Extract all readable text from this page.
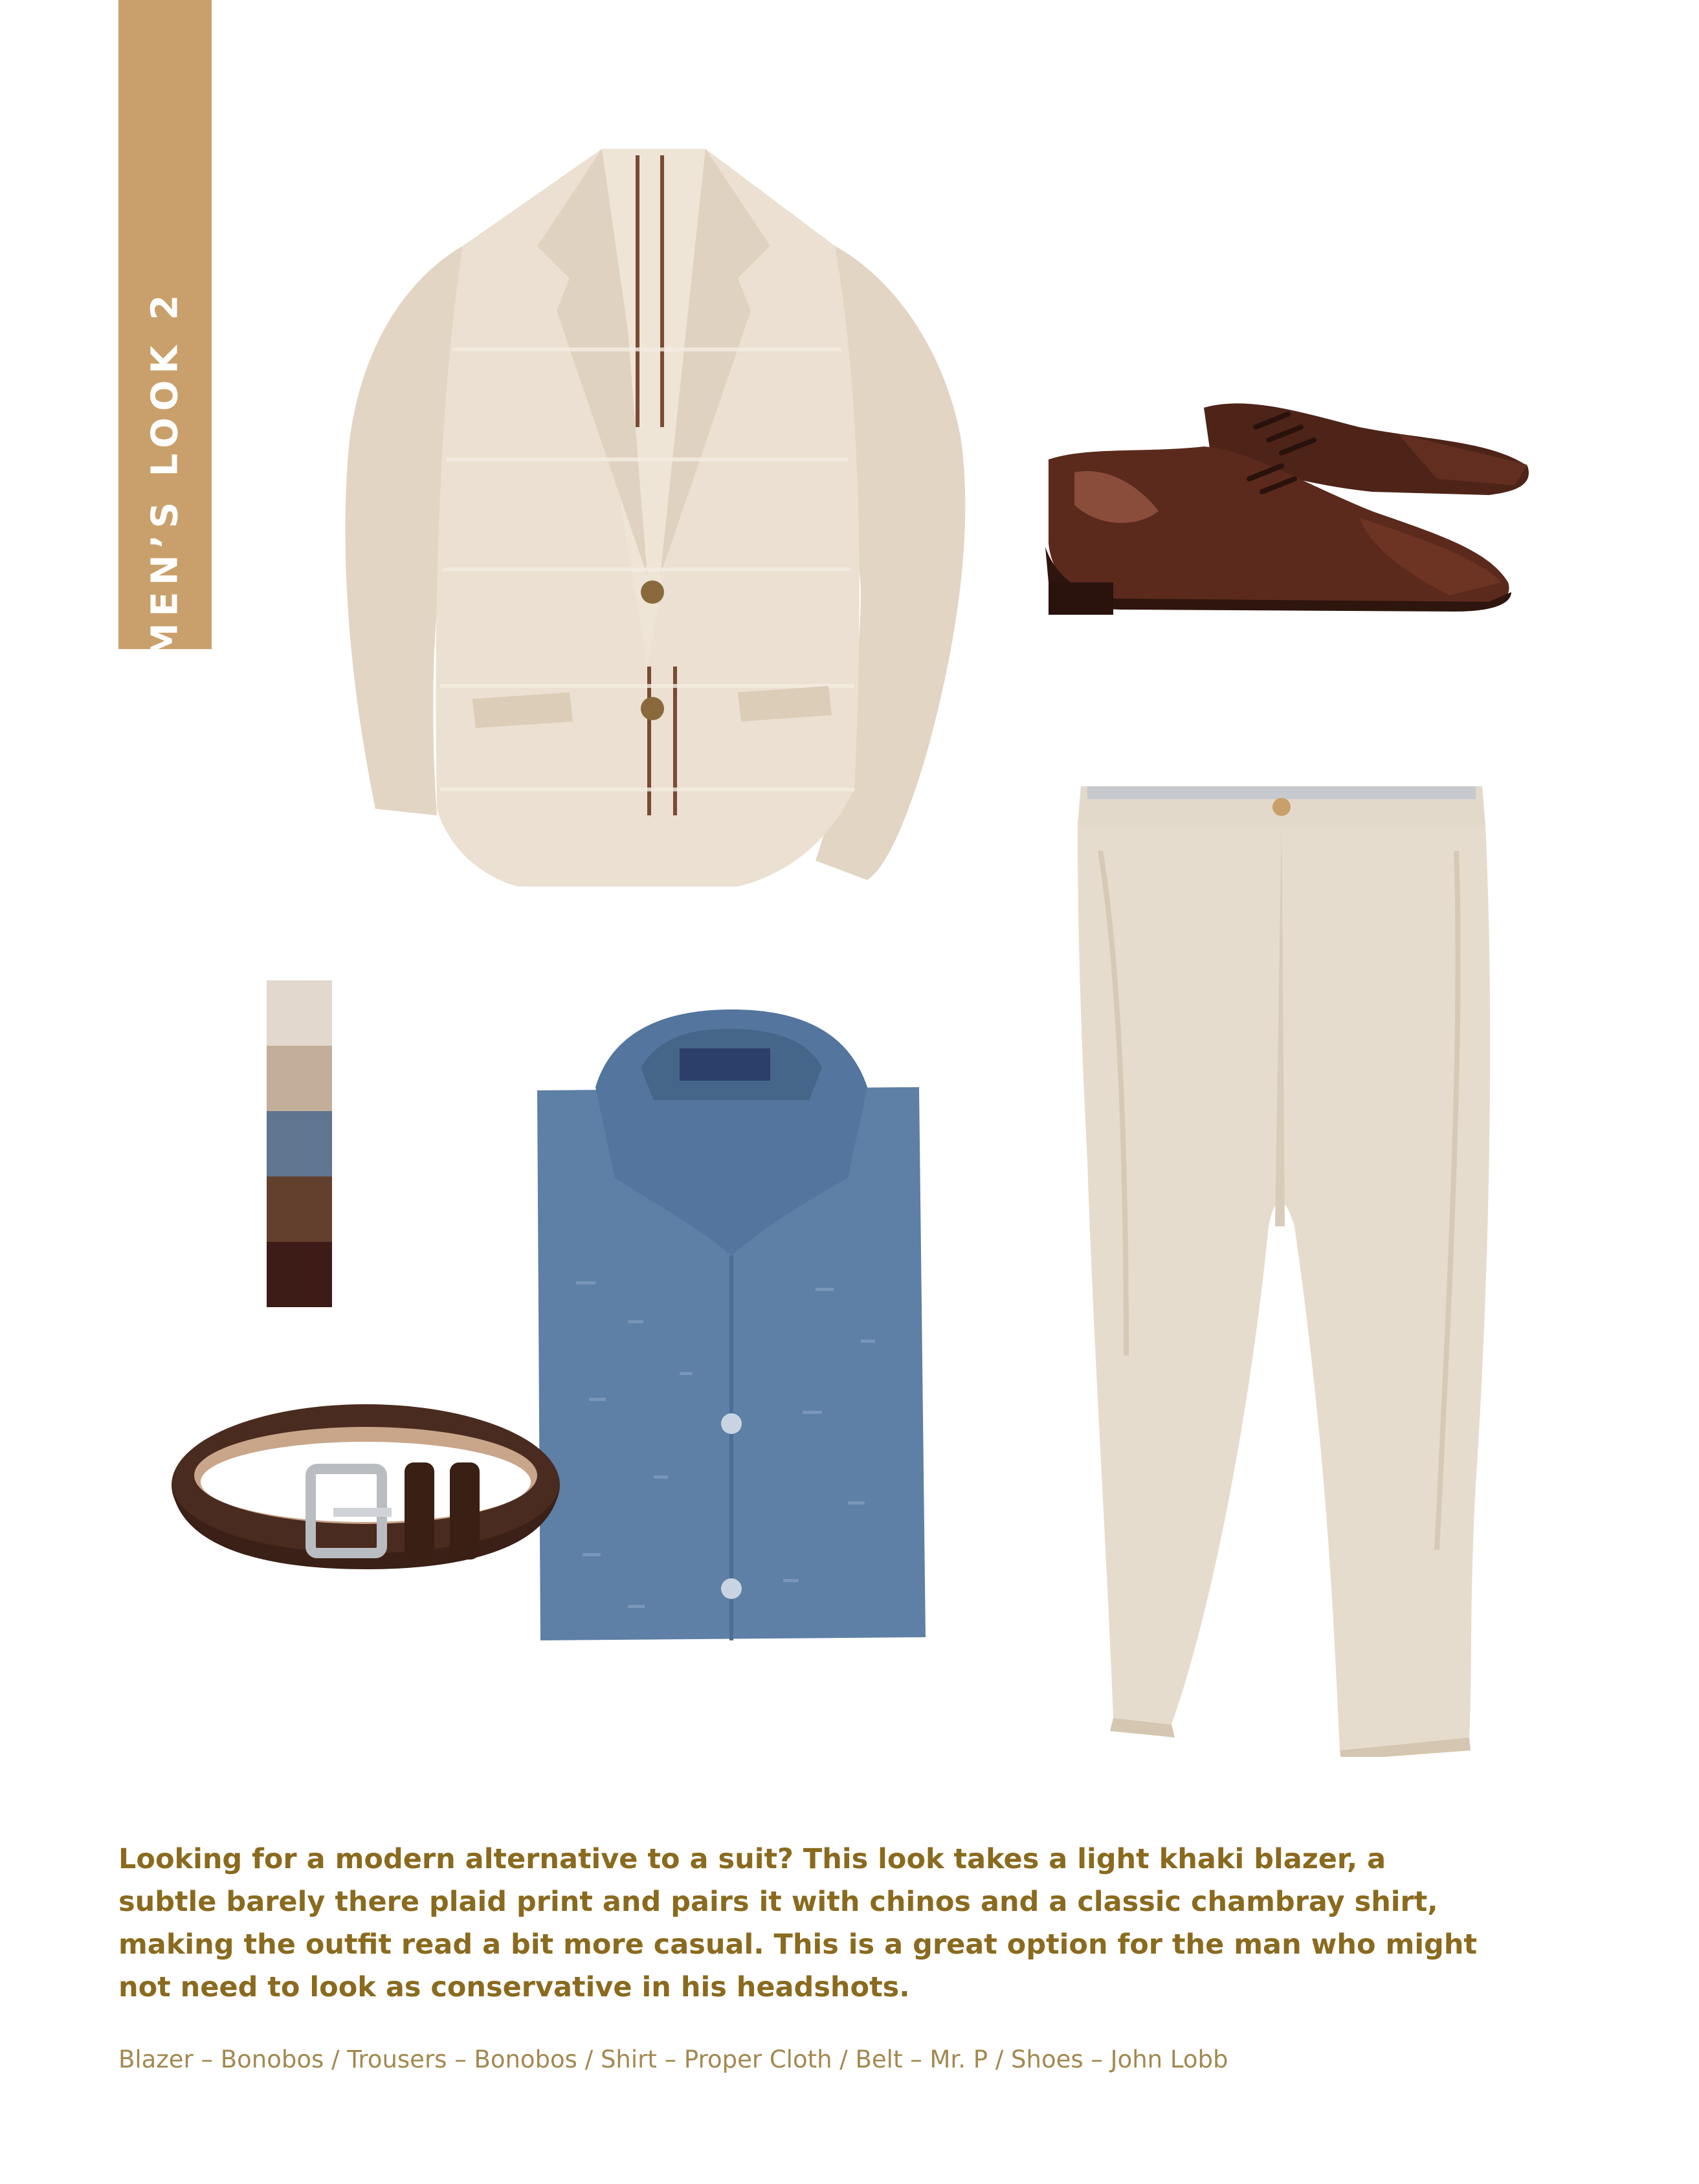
MEN’S LOOK 2

Looking for a modern alternative to a suit? This look takes a light khaki blazer, a subtle barely there plaid print and pairs it with chinos and a classic chambray shirt, making the outfit read a bit more casual. This is a great option for the man who might not need to look as conservative in his headshots.

Blazer – Bonobos / Trousers – Bonobos / Shirt – Proper Cloth / Belt – Mr. P / Shoes – John Lobb
